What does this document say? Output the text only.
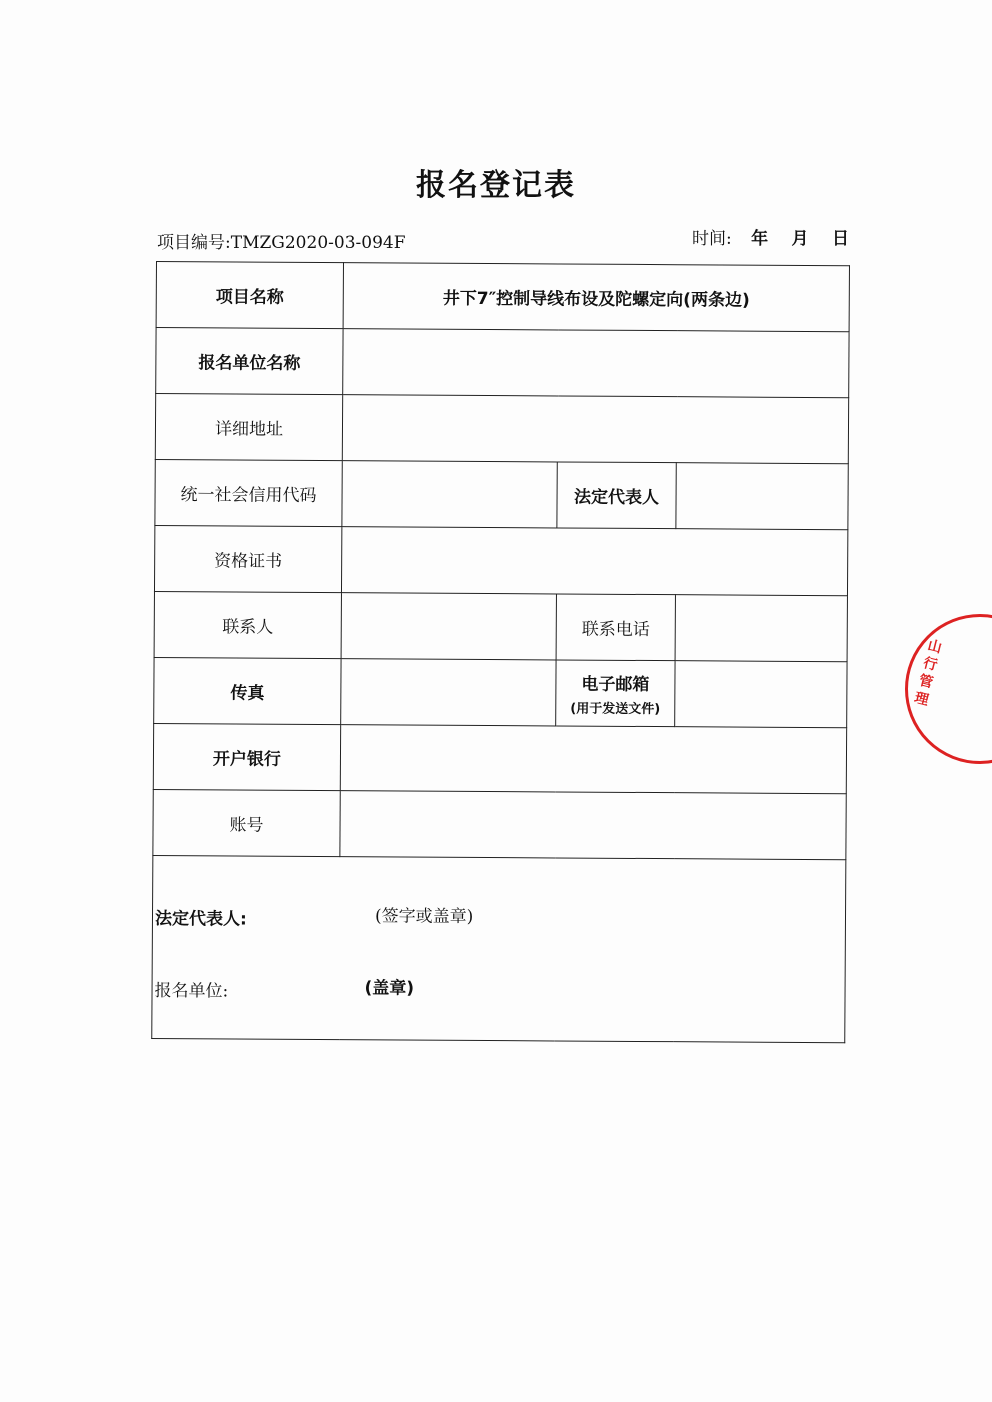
报名登记表
项目编号:TMZG2020-03-094F	时间: 年 月 日
项目名称	井下7″控制导线布设及陀螺定向(两条边)		
报名单位名称			
详细地址			
统一社会信用代码		法定代表人	
资格证书			
联系人		联系电话	
传真		电子邮箱
(用于发送文件)	

开户银行			
账号			

法定代表人: (签字或盖章)
报名单位: (盖章)			
山行管理
